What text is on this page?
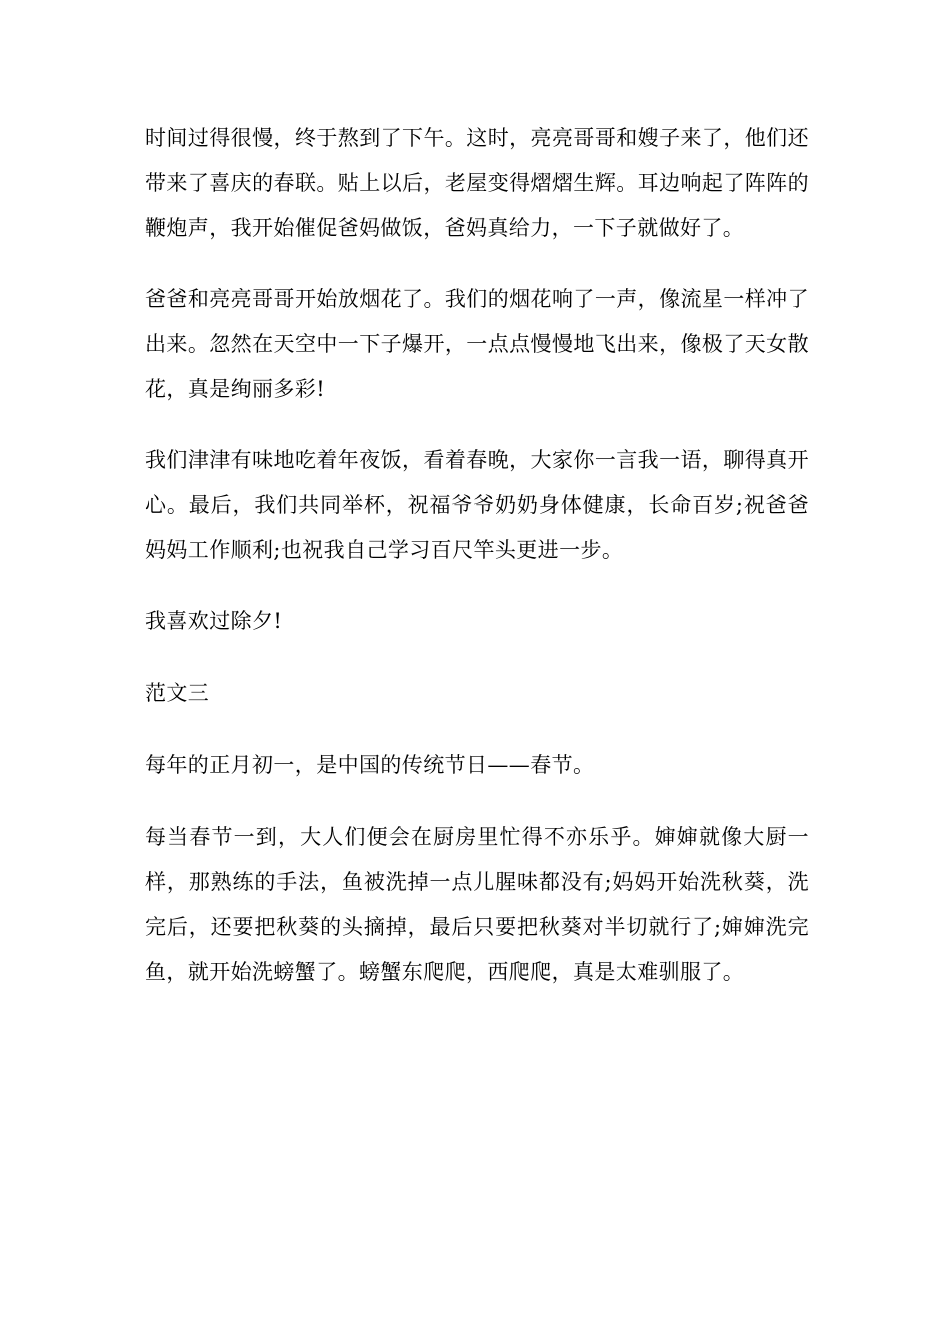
时间过得很慢，终于熬到了下午。这时，亮亮哥哥和嫂子来了，他们还带来了喜庆的春联。贴上以后，老屋变得熠熠生辉。耳边响起了阵阵的鞭炮声，我开始催促爸妈做饭，爸妈真给力，一下子就做好了。

爸爸和亮亮哥哥开始放烟花了。我们的烟花响了一声，像流星一样冲了出来。忽然在天空中一下子爆开，一点点慢慢地飞出来，像极了天女散花，真是绚丽多彩!

我们津津有味地吃着年夜饭，看着春晚，大家你一言我一语，聊得真开心。最后，我们共同举杯，祝福爷爷奶奶身体健康，长命百岁;祝爸爸妈妈工作顺利;也祝我自己学习百尺竿头更进一步。

我喜欢过除夕!

范文三

每年的正月初一，是中国的传统节日——春节。

每当春节一到，大人们便会在厨房里忙得不亦乐乎。婶婶就像大厨一样，那熟练的手法，鱼被洗掉一点儿腥味都没有;妈妈开始洗秋葵，洗完后，还要把秋葵的头摘掉，最后只要把秋葵对半切就行了;婶婶洗完鱼，就开始洗螃蟹了。螃蟹东爬爬，西爬爬，真是太难驯服了。
